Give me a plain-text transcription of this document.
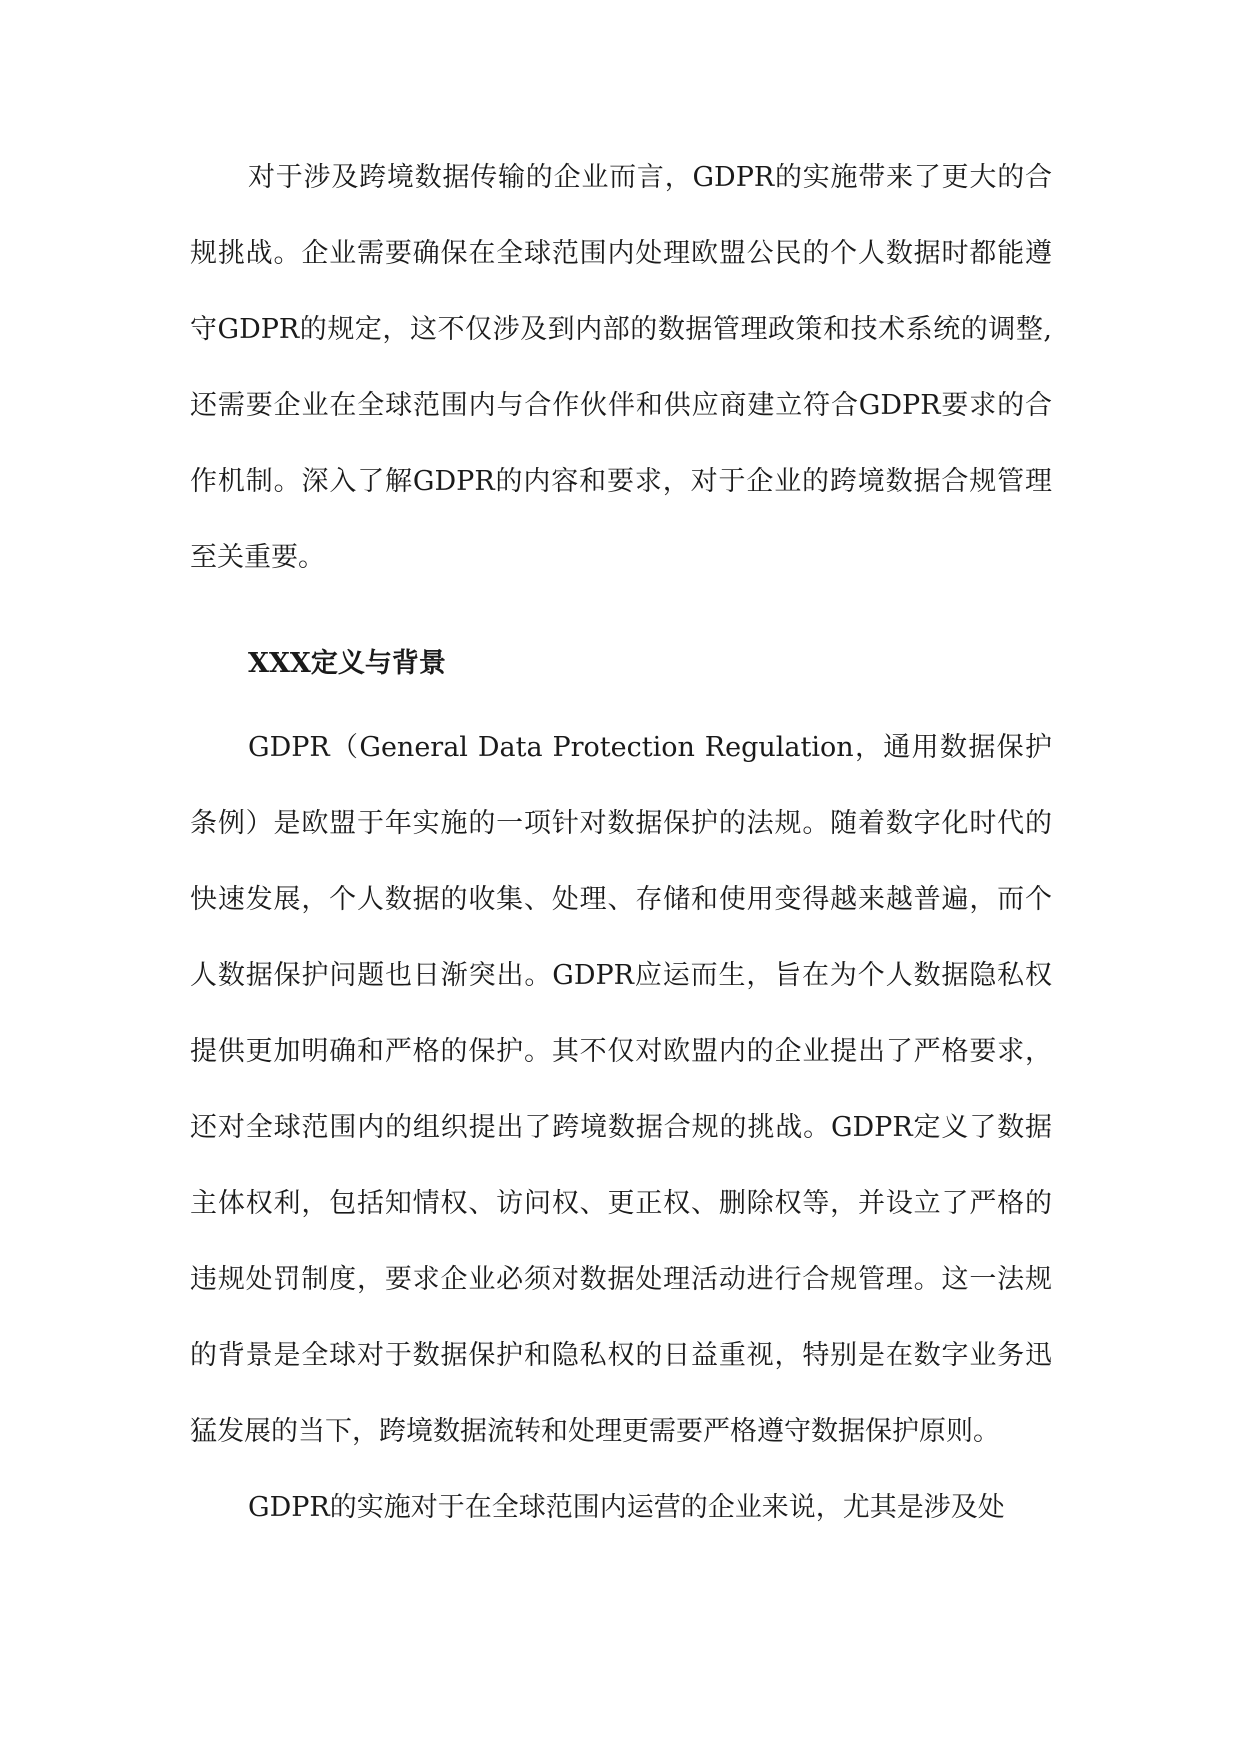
对于涉及跨境数据传输的企业而言，GDPR的实施带来了更大的合规挑战。企业需要确保在全球范围内处理欧盟公民的个人数据时都能遵守GDPR的规定，这不仅涉及到内部的数据管理政策和技术系统的调整,还需要企业在全球范围内与合作伙伴和供应商建立符合GDPR要求的合作机制。深入了解GDPR的内容和要求，对于企业的跨境数据合规管理至关重要。

XXX定义与背景

GDPR（General Data Protection Regulation，通用数据保护条例）是欧盟于年实施的一项针对数据保护的法规。随着数字化时代的快速发展，个人数据的收集、处理、存储和使用变得越来越普遍，而个人数据保护问题也日渐突出。GDPR应运而生，旨在为个人数据隐私权提供更加明确和严格的保护。其不仅对欧盟内的企业提出了严格要求，还对全球范围内的组织提出了跨境数据合规的挑战。GDPR定义了数据主体权利，包括知情权、访问权、更正权、删除权等，并设立了严格的违规处罚制度，要求企业必须对数据处理活动进行合规管理。这一法规的背景是全球对于数据保护和隐私权的日益重视，特别是在数字业务迅猛发展的当下，跨境数据流转和处理更需要严格遵守数据保护原则。

GDPR的实施对于在全球范围内运营的企业来说，尤其是涉及处
